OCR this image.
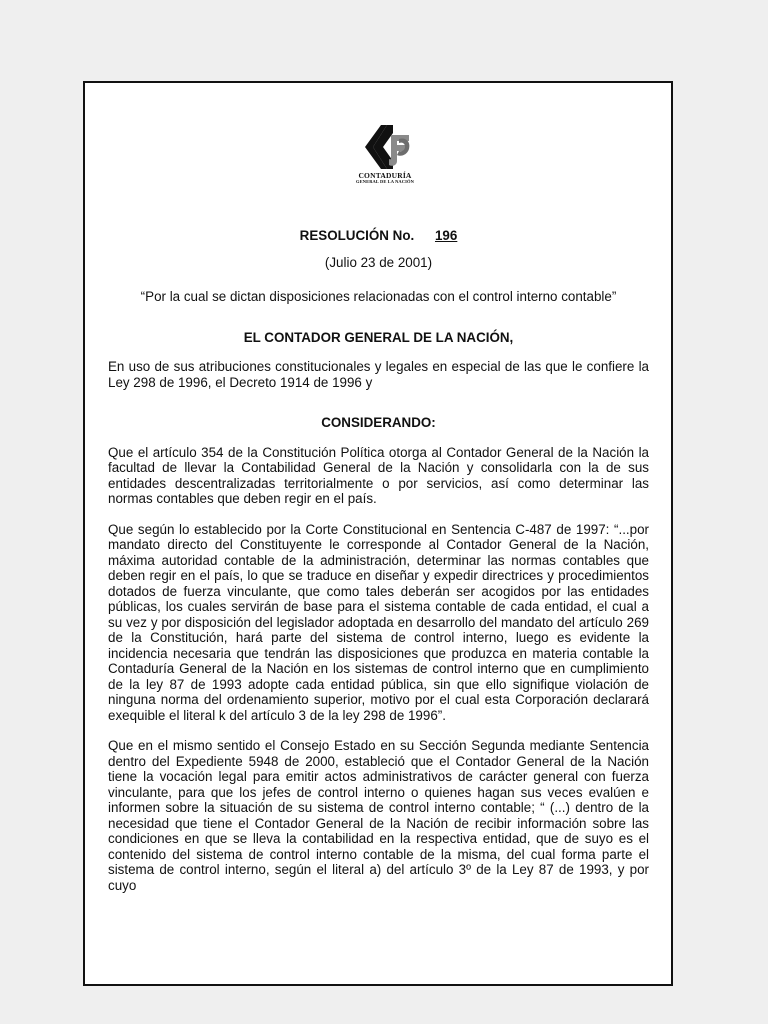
CONTADURÍA
GENERAL DE LA NACIÓN

RESOLUCIÓN No. 196

(Julio 23 de 2001)

“Por la cual se dictan disposiciones relacionadas con el control interno contable”

EL CONTADOR GENERAL DE LA NACIÓN,

En uso de sus atribuciones constitucionales y legales en especial de las que le confiere la Ley 298 de 1996, el Decreto 1914 de 1996 y

CONSIDERANDO:

Que el artículo 354 de la Constitución Política otorga al Contador General de la Nación la facultad de llevar la Contabilidad General de la Nación y consolidarla con la de sus entidades descentralizadas territorialmente o por servicios, así como determinar las normas contables que deben regir en el país.

Que según lo establecido por la Corte Constitucional en Sentencia C-487 de 1997: “...por mandato directo del Constituyente le corresponde al Contador General de la Nación, máxima autoridad contable de la administración, determinar las normas contables que deben regir en el país, lo que se traduce en diseñar y expedir directrices y procedimientos dotados de fuerza vinculante, que como tales deberán ser acogidos por las entidades públicas, los cuales servirán de base para el sistema contable de cada entidad, el cual a su vez y por disposición del legislador adoptada en desarrollo del mandato del artículo 269 de la Constitución, hará parte del sistema de control interno, luego es evidente la incidencia necesaria que tendrán las disposiciones que produzca en materia contable la Contaduría General de la Nación en los sistemas de control interno que en cumplimiento de la ley 87 de 1993 adopte cada entidad pública, sin que ello signifique violación de ninguna norma del ordenamiento superior, motivo por el cual esta Corporación declarará exequible el literal k del artículo 3 de la ley 298 de 1996”.

Que en el mismo sentido el Consejo Estado en su Sección Segunda mediante Sentencia dentro del Expediente 5948 de 2000, estableció que el Contador General de la Nación tiene la vocación legal para emitir actos administrativos de carácter general con fuerza vinculante, para que los jefes de control interno o quienes hagan sus veces evalúen e informen sobre la situación de su sistema de control interno contable; “ (...) dentro de la necesidad que tiene el Contador General de la Nación de recibir información sobre las condiciones en que se lleva la contabilidad en la respectiva entidad, que de suyo es el contenido del sistema de control interno contable de la misma, del cual forma parte el sistema de control interno, según el literal a) del artículo 3º de la Ley 87 de 1993, y por cuyo
